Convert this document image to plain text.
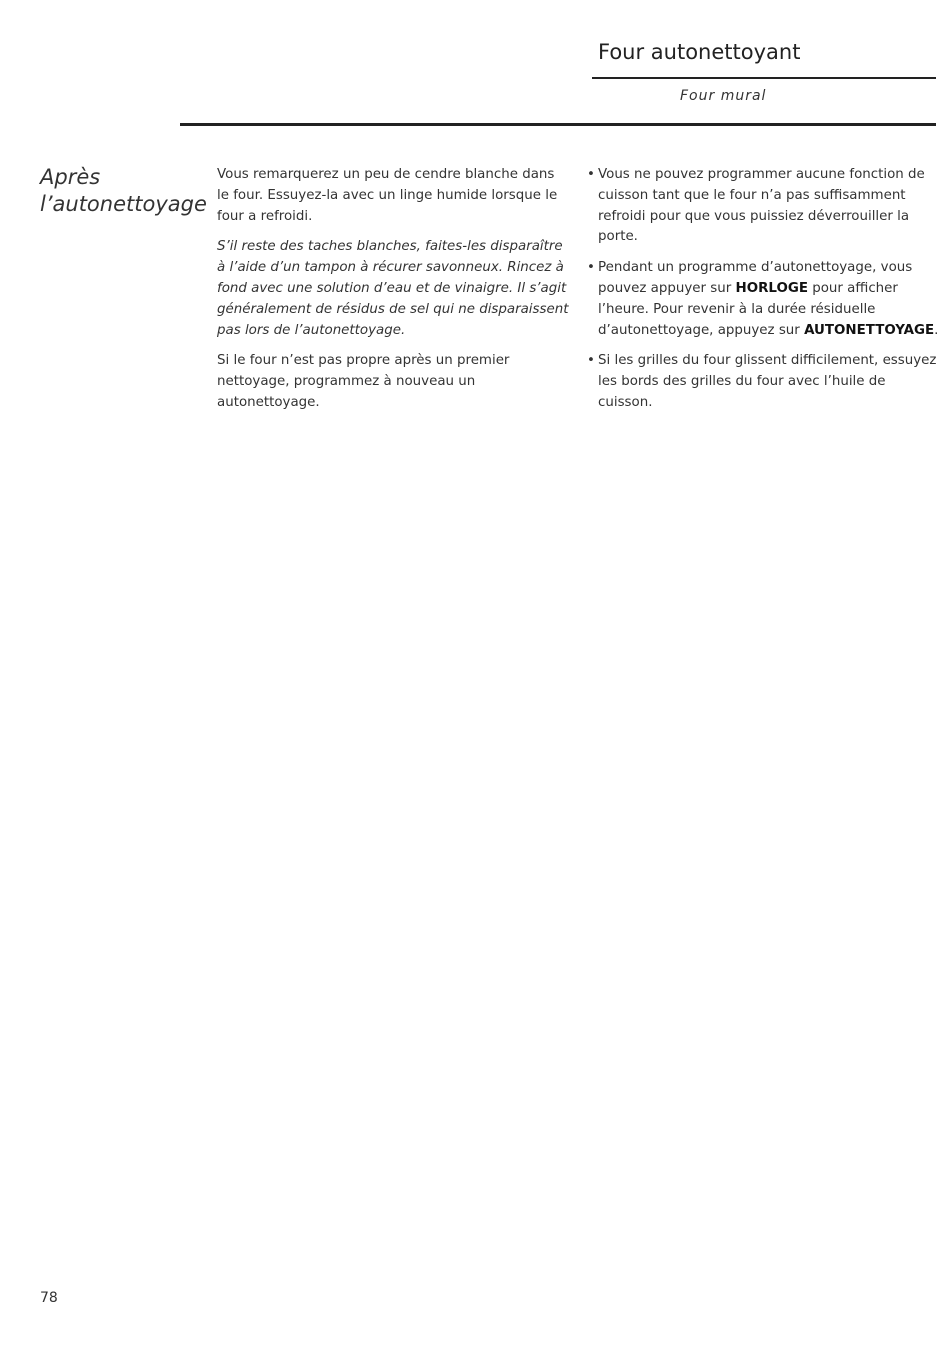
Four autonettoyant
Four mural
Après
l’autonettoyage

Vous remarquerez un peu de cendre blanche dans le four. Essuyez-la avec un linge humide lorsque le four a refroidi.

S’il reste des taches blanches, faites-les disparaître à l’aide d’un tampon à récurer savonneux. Rincez à fond avec une solution d’eau et de vinaigre. Il s’agit généralement de résidus de sel qui ne disparaissent pas lors de l’autonettoyage.

Si le four n’est pas propre après un premier nettoyage, programmez à nouveau un autonettoyage.

• Vous ne pouvez programmer aucune fonction de cuisson tant que le four n’a pas suffisamment refroidi pour que vous puissiez déverrouiller la porte.
• Pendant un programme d’autonettoyage, vous pouvez appuyer sur HORLOGE pour afficher l’heure. Pour revenir à la durée résiduelle d’autonettoyage, appuyez sur AUTONETTOYAGE.
• Si les grilles du four glissent difficilement, essuyez les bords des grilles du four avec l’huile de cuisson.
78
